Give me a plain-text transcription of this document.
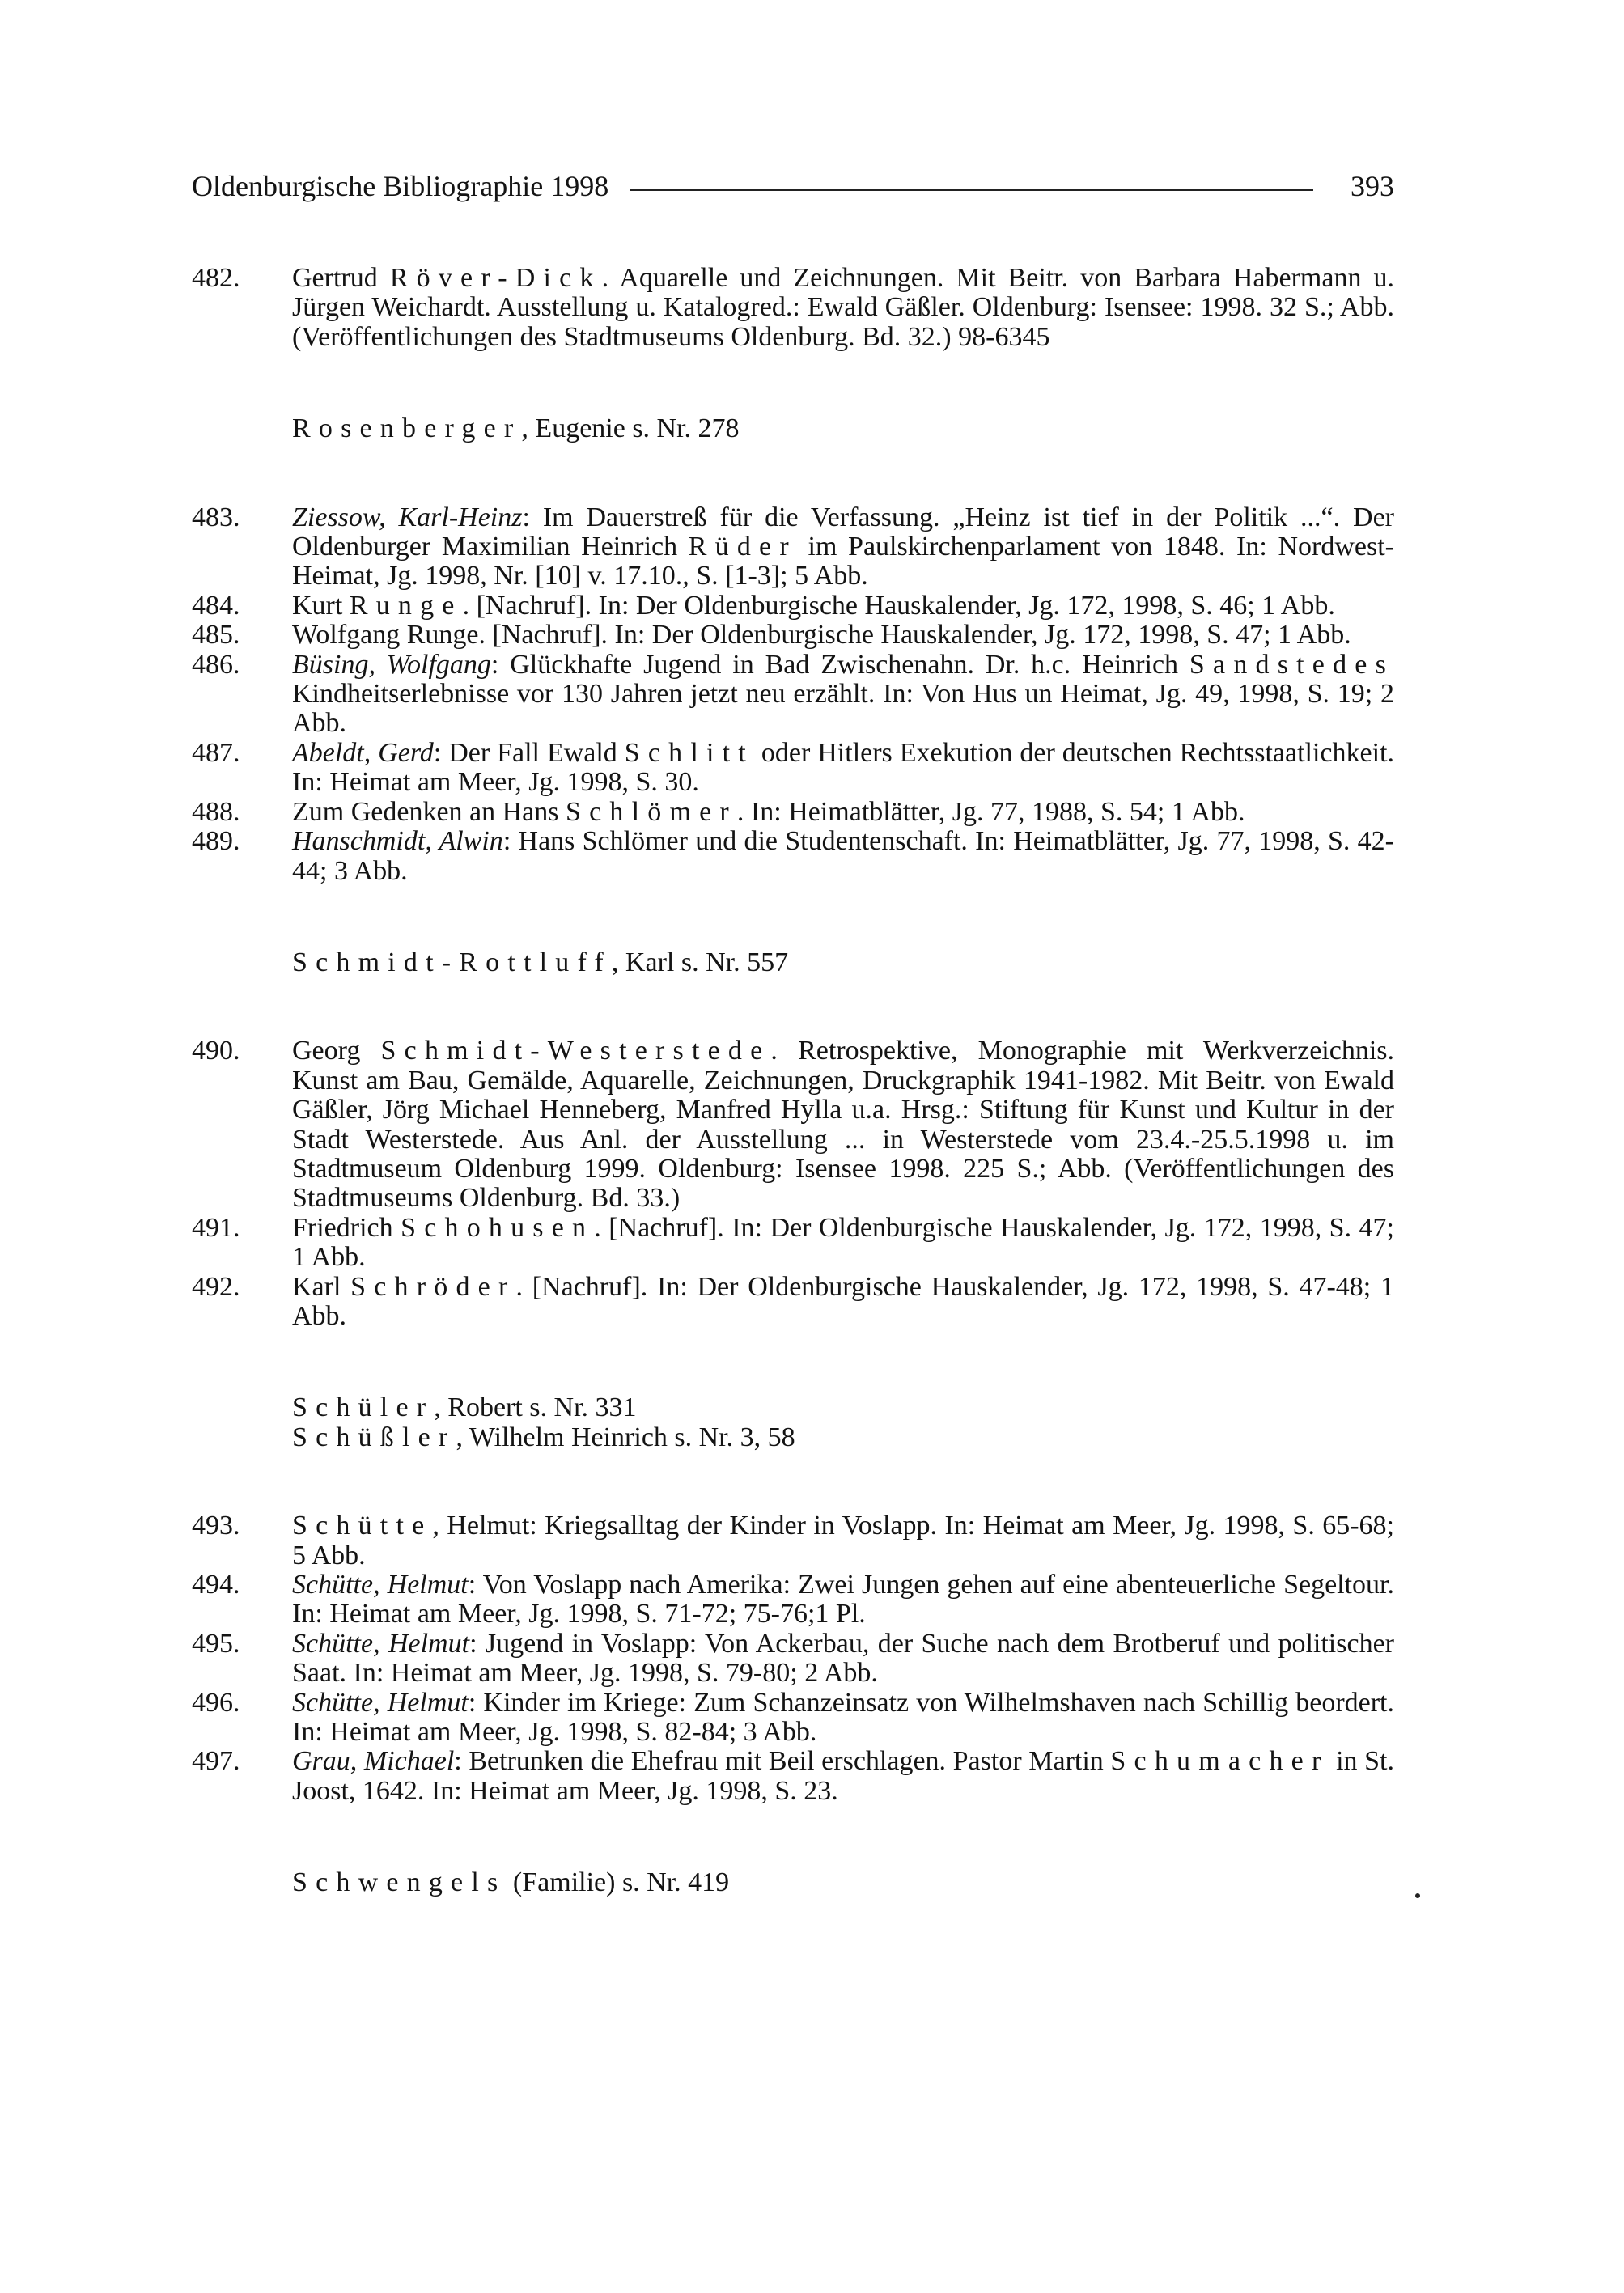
Oldenburgische Bibliographie 1998	393
482.	Gertrud Röver-Dick. Aquarelle und Zeichnungen. Mit Beitr. von Barbara Habermann u. Jürgen Weichardt. Ausstellung u. Katalogred.: Ewald Gäßler. Oldenburg: Isensee: 1998. 32 S.; Abb. (Veröffentlichungen des Stadtmuseums Oldenburg. Bd. 32.) 98-6345
Rosenberger, Eugenie s. Nr. 278
483.	Ziessow, Karl-Heinz: Im Dauerstreß für die Verfassung. „Heinz ist tief in der Politik ...“. Der Oldenburger Maximilian Heinrich Rüder im Paulskirchenparlament von 1848. In: Nordwest-Heimat, Jg. 1998, Nr. [10] v. 17.10., S. [1-3]; 5 Abb.
484.	Kurt Runge. [Nachruf]. In: Der Oldenburgische Hauskalender, Jg. 172, 1998, S. 46; 1 Abb.
485.	Wolfgang Runge. [Nachruf]. In: Der Oldenburgische Hauskalender, Jg. 172, 1998, S. 47; 1 Abb.
486.	Büsing, Wolfgang: Glückhafte Jugend in Bad Zwischenahn. Dr. h.c. Heinrich Sandstedes Kindheitserlebnisse vor 130 Jahren jetzt neu erzählt. In: Von Hus un Heimat, Jg. 49, 1998, S. 19; 2 Abb.
487.	Abeldt, Gerd: Der Fall Ewald Schlitt oder Hitlers Exekution der deutschen Rechtsstaatlichkeit. In: Heimat am Meer, Jg. 1998, S. 30.
488.	Zum Gedenken an Hans Schlömer. In: Heimatblätter, Jg. 77, 1988, S. 54; 1 Abb.
489.	Hanschmidt, Alwin: Hans Schlömer und die Studentenschaft. In: Heimatblätter, Jg. 77, 1998, S. 42-44; 3 Abb.
Schmidt-Rottluff, Karl s. Nr. 557
490.	Georg Schmidt-Westerstede. Retrospektive, Monographie mit Werkverzeichnis. Kunst am Bau, Gemälde, Aquarelle, Zeichnungen, Druckgraphik 1941-1982. Mit Beitr. von Ewald Gäßler, Jörg Michael Henneberg, Manfred Hylla u.a. Hrsg.: Stiftung für Kunst und Kultur in der Stadt Westerstede. Aus Anl. der Ausstellung ... in Westerstede vom 23.4.-25.5.1998 u. im Stadtmuseum Oldenburg 1999. Oldenburg: Isensee 1998. 225 S.; Abb. (Veröffentlichungen des Stadtmuseums Oldenburg. Bd. 33.)
491.	Friedrich Schohusen. [Nachruf]. In: Der Oldenburgische Hauskalender, Jg. 172, 1998, S. 47; 1 Abb.
492.	Karl Schröder. [Nachruf]. In: Der Oldenburgische Hauskalender, Jg. 172, 1998, S. 47-48; 1 Abb.
Schüler, Robert s. Nr. 331
Schüßler, Wilhelm Heinrich s. Nr. 3, 58
493.	Schütte, Helmut: Kriegsalltag der Kinder in Voslapp. In: Heimat am Meer, Jg. 1998, S. 65-68; 5 Abb.
494.	Schütte, Helmut: Von Voslapp nach Amerika: Zwei Jungen gehen auf eine abenteuerliche Segeltour. In: Heimat am Meer, Jg. 1998, S. 71-72; 75-76;1 Pl.
495.	Schütte, Helmut: Jugend in Voslapp: Von Ackerbau, der Suche nach dem Brotberuf und politischer Saat. In: Heimat am Meer, Jg. 1998, S. 79-80; 2 Abb.
496.	Schütte, Helmut: Kinder im Kriege: Zum Schanzeinsatz von Wilhelmshaven nach Schillig beordert. In: Heimat am Meer, Jg. 1998, S. 82-84; 3 Abb.
497.	Grau, Michael: Betrunken die Ehefrau mit Beil erschlagen. Pastor Martin Schumacher in St. Joost, 1642. In: Heimat am Meer, Jg. 1998, S. 23.
Schwengels (Familie) s. Nr. 419
